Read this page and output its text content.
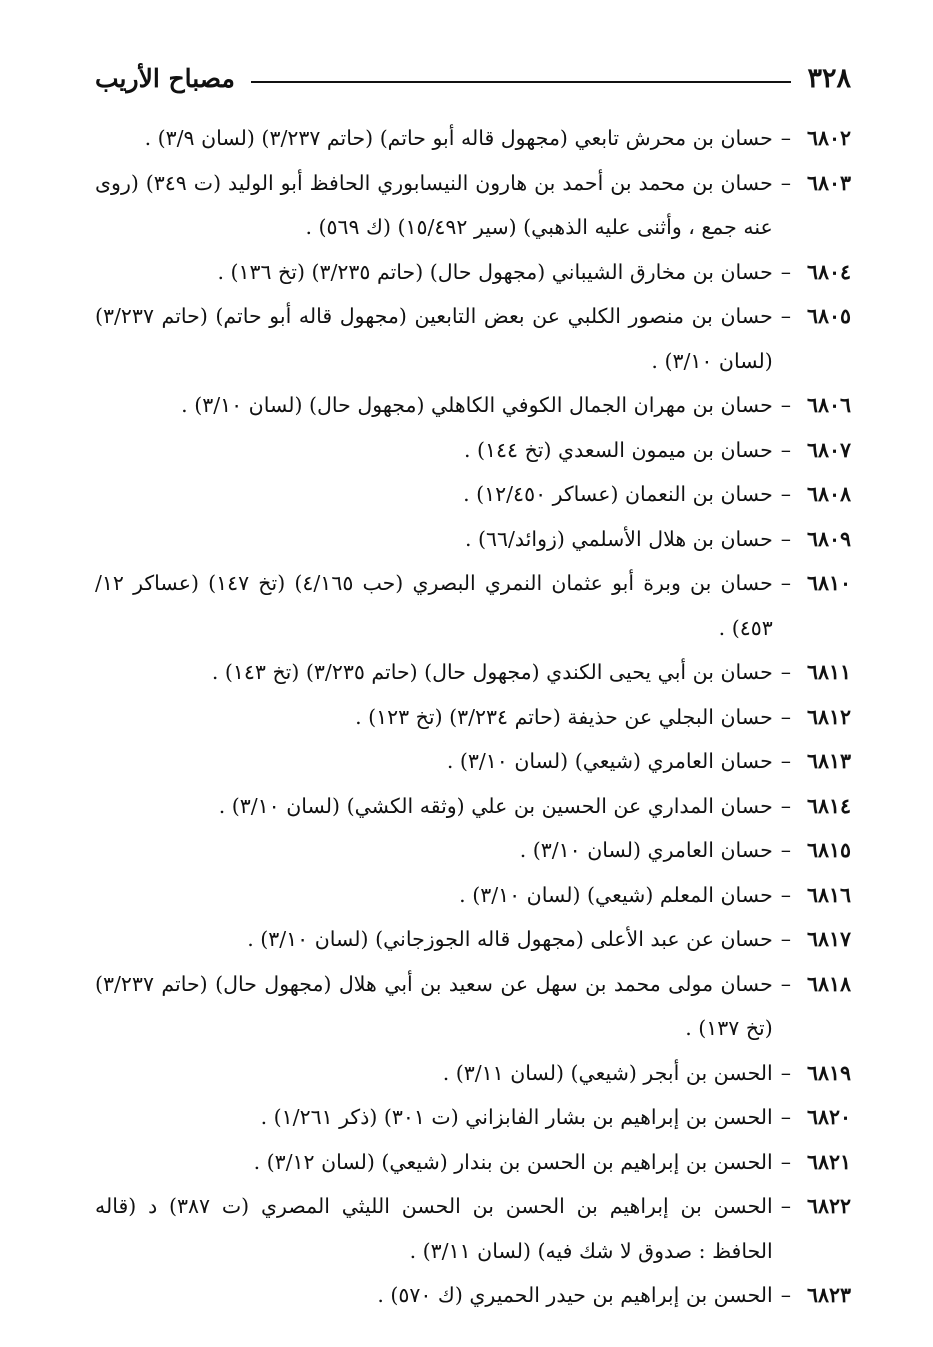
٣٢٨
مصباح الأريب
٦٨٠٢
–
حسان بن محرش تابعي (مجهول قاله أبو حاتم) (حاتم ٣/٢٣٧) (لسان ٣/٩) .
٦٨٠٣
–
حسان بن محمد بن أحمد بن هارون النيسابوري الحافظ أبو الوليد (ت ٣٤٩) (روى عنه جمع ، وأثنى عليه الذهبي) (سير ١٥/٤٩٢) (ك ٥٦٩) .
٦٨٠٤
–
حسان بن مخارق الشيباني (مجهول حال) (حاتم ٣/٢٣٥) (تخ ١٣٦) .
٦٨٠٥
–
حسان بن منصور الكلبي عن بعض التابعين (مجهول قاله أبو حاتم) (حاتم ٣/٢٣٧) (لسان ٣/١٠) .
٦٨٠٦
–
حسان بن مهران الجمال الكوفي الكاهلي (مجهول حال) (لسان ٣/١٠) .
٦٨٠٧
–
حسان بن ميمون السعدي (تخ ١٤٤) .
٦٨٠٨
–
حسان بن النعمان (عساكر ١٢/٤٥٠) .
٦٨٠٩
–
حسان بن هلال الأسلمي (زوائد/٦٦) .
٦٨١٠
–
حسان بن وبرة أبو عثمان النمري البصري (حب ٤/١٦٥) (تخ ١٤٧) (عساكر ١٢/ ٤٥٣) .
٦٨١١
–
حسان بن أبي يحيى الكندي (مجهول حال) (حاتم ٣/٢٣٥) (تخ ١٤٣) .
٦٨١٢
–
حسان البجلي عن حذيفة (حاتم ٣/٢٣٤) (تخ ١٢٣) .
٦٨١٣
–
حسان العامري (شيعي) (لسان ٣/١٠) .
٦٨١٤
–
حسان المداري عن الحسين بن علي (وثقه الكشي) (لسان ٣/١٠) .
٦٨١٥
–
حسان العامري (لسان ٣/١٠) .
٦٨١٦
–
حسان المعلم (شيعي) (لسان ٣/١٠) .
٦٨١٧
–
حسان عن عبد الأعلى (مجهول قاله الجوزجاني) (لسان ٣/١٠) .
٦٨١٨
–
حسان مولى محمد بن سهل عن سعيد بن أبي هلال (مجهول حال) (حاتم ٣/٢٣٧) (تخ ١٣٧) .
٦٨١٩
–
الحسن بن أبجر (شيعي) (لسان ٣/١١) .
٦٨٢٠
–
الحسن بن إبراهيم بن بشار الفابزاني (ت ٣٠١) (ذكر ١/٢٦١) .
٦٨٢١
–
الحسن بن إبراهيم بن الحسن بن بندار (شيعي) (لسان ٣/١٢) .
٦٨٢٢
–
الحسن بن إبراهيم بن الحسن بن الحسن الليثي المصري (ت ٣٨٧) د (قاله الحافظ : صدوق لا شك فيه) (لسان ٣/١١) .
٦٨٢٣
–
الحسن بن إبراهيم بن حيدر الحميري (ك ٥٧٠) .
